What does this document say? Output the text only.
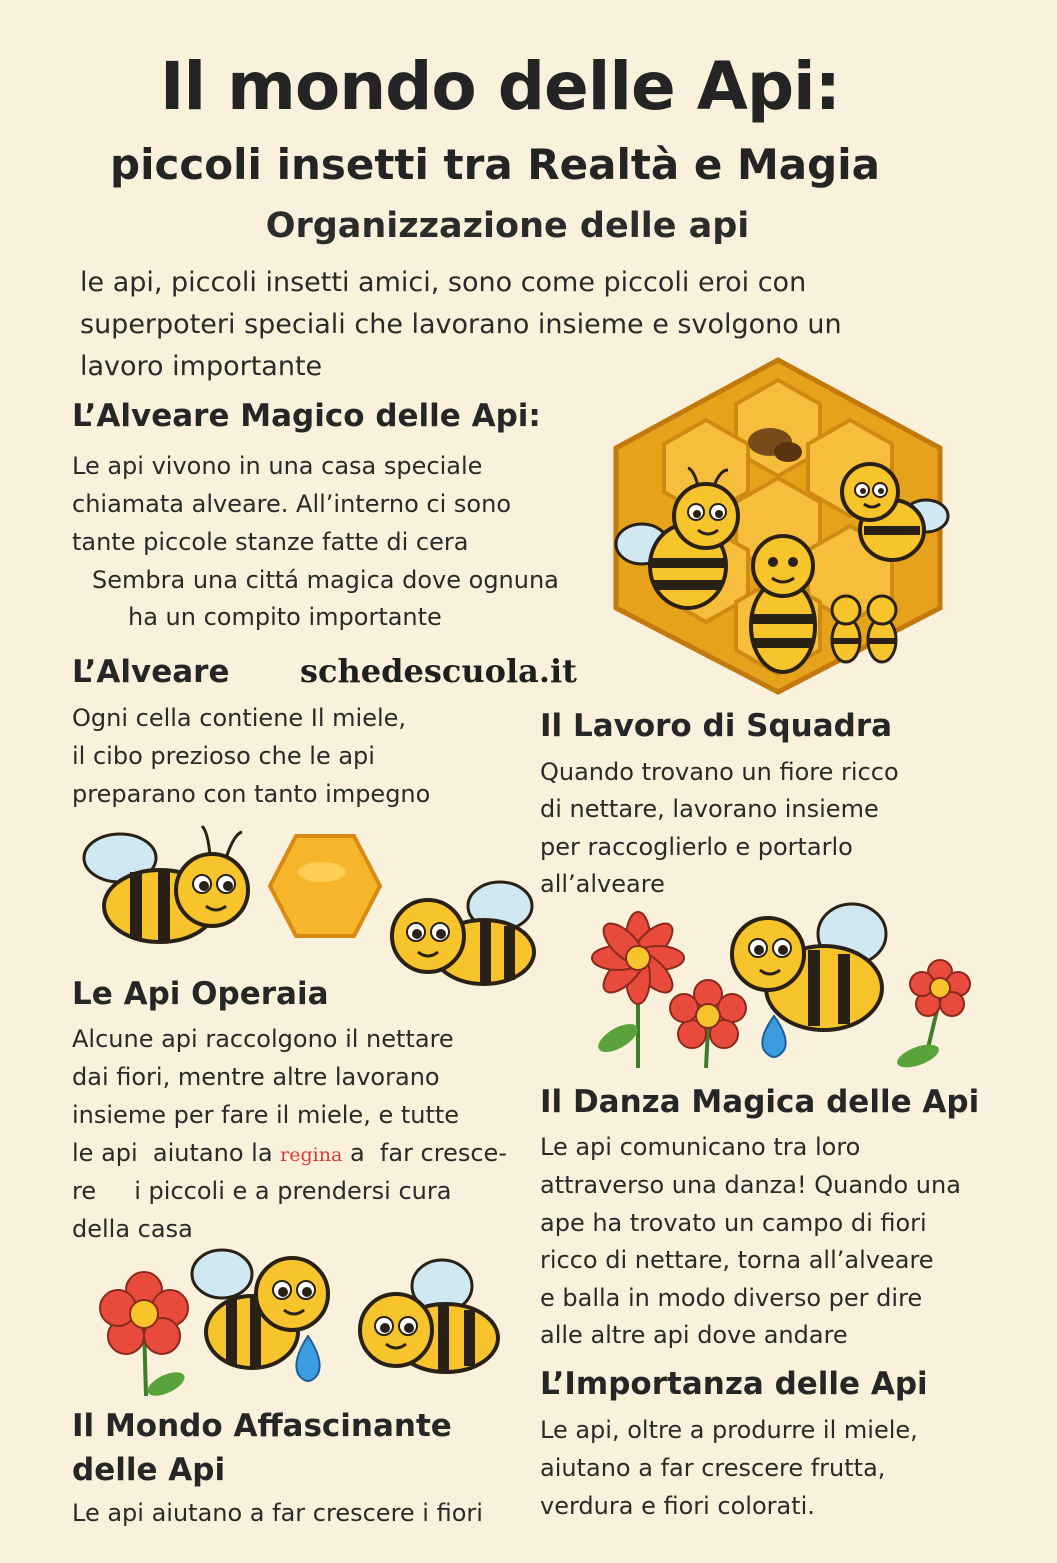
Il mondo delle Api:
piccoli insetti tra Realtà e Magia
Organizzazione delle api
le api, piccoli insetti amici, sono come piccoli eroi con
superpoteri speciali che lavorano insieme e svolgono un
lavoro importante
L’Alveare Magico delle Api:
Le api vivono in una casa speciale
chiamata alveare. All’interno ci sono
tante piccole stanze fatte di cera
Sembra una cittá magica dove ognuna
ha un compito importante
L’Alveare schedescuola.it
Ogni cella contiene Il miele,
il cibo prezioso che le api
preparano con tanto impegno
Il Lavoro di Squadra
Quando trovano un fiore ricco
di nettare, lavorano insieme
per raccoglierlo e portarlo
all’alveare
Le Api Operaia
Alcune api raccolgono il nettare
dai fiori, mentre altre lavorano
insieme per fare il miele, e tutte
le api  aiutano la regina a  far cresce-
re     i piccoli e a prendersi cura
della casa
Il Danza Magica delle Api
Le api comunicano tra loro
attraverso una danza! Quando una
ape ha trovato un campo di fiori
ricco di nettare, torna all’alveare
e balla in modo diverso per dire
alle altre api dove andare
Il Mondo Affascinante
delle Api
Le api aiutano a far crescere i fiori
L’Importanza delle Api
Le api, oltre a produrre il miele,
aiutano a far crescere frutta,
verdura e fiori colorati.
